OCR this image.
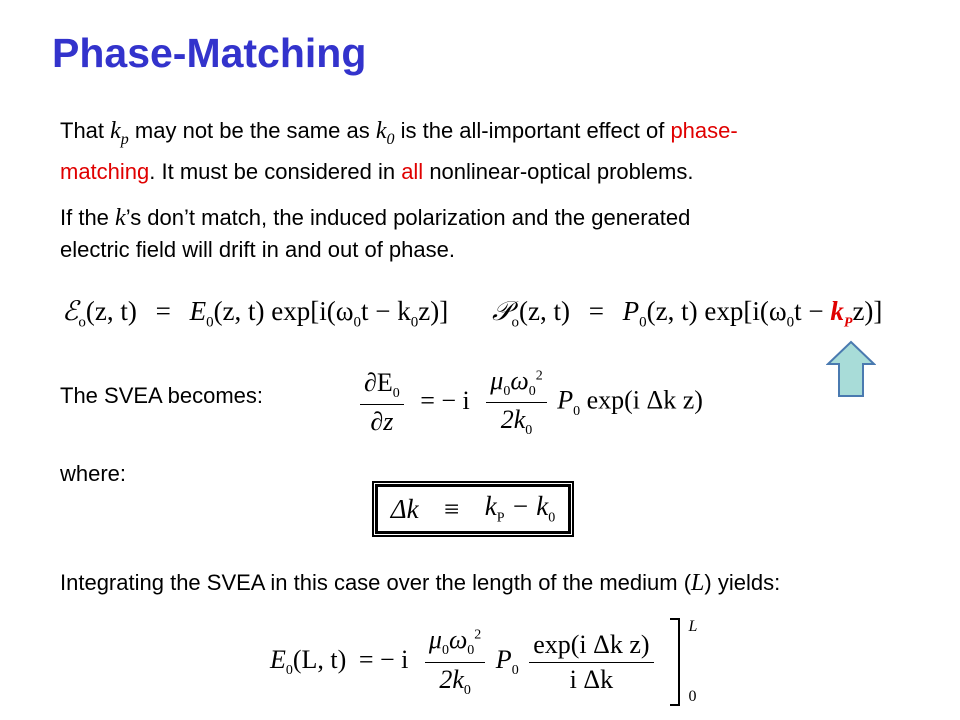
Phase-Matching
That $k_p$ may not be the same as $k_0$ is the all-important effect of phase-
matching. It must be considered in all nonlinear-optical problems.
If the k’s don’t match, the induced polarization and the generated
electric field will drift in and out of phase.
ℰ$_o$(z, $t) = E_0(z$, t) $\exp[i(\omega_0t - k_0z)]$ 𝒫$_o$(z, $t) = P_0(z$, t) $\exp[i(\omega_0t - k_Pz)]$
The SVEA becomes:	$\frac{\partial E_0}{\partial z}$ = − i $\frac{\mu_0\omega_0^2}{2k_0} P_0$ exp(i Δk z)
where:
$\Delta k \equiv k_P - k_0$
Integrating the SVEA in this case over the length of the medium (L) yields:
$E_0(L$, t) = − i $\frac{\mu_0\omega_0^2}{2k_0} P_0 \frac{\text{exp(i Δk z)}}{\text{i Δk}}$

L
0
